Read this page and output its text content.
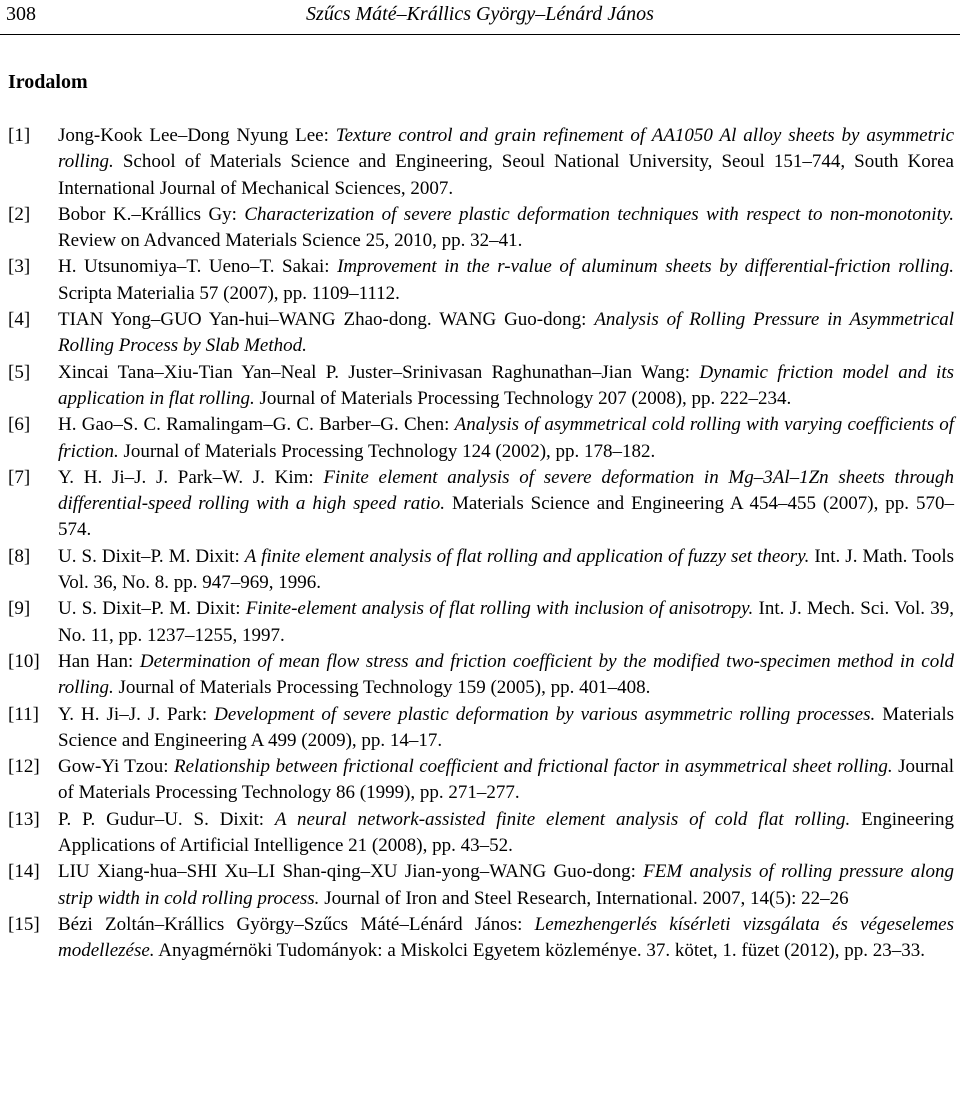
308	Szűcs Máté–Krállics György–Lénárd János
Irodalom
[1]	Jong-Kook Lee–Dong Nyung Lee: Texture control and grain refinement of AA1050 Al alloy sheets by asymmetric rolling. School of Materials Science and Engineering, Seoul National University, Seoul 151–744, South Korea International Journal of Mechanical Sciences, 2007.
[2]	Bobor K.–Krállics Gy: Characterization of severe plastic deformation techniques with respect to non-monotonity. Review on Advanced Materials Science 25, 2010, pp. 32–41.
[3]	H. Utsunomiya–T. Ueno–T. Sakai: Improvement in the r-value of aluminum sheets by differential-friction rolling. Scripta Materialia 57 (2007), pp. 1109–1112.
[4]	TIAN Yong–GUO Yan-hui–WANG Zhao-dong. WANG Guo-dong: Analysis of Rolling Pressure in Asymmetrical Rolling Process by Slab Method.
[5]	Xincai Tana–Xiu-Tian Yan–Neal P. Juster–Srinivasan Raghunathan–Jian Wang: Dynamic friction model and its application in flat rolling. Journal of Materials Processing Technology 207 (2008), pp. 222–234.
[6]	H. Gao–S. C. Ramalingam–G. C. Barber–G. Chen: Analysis of asymmetrical cold rolling with varying coefficients of friction. Journal of Materials Processing Technology 124 (2002), pp. 178–182.
[7]	Y. H. Ji–J. J. Park–W. J. Kim: Finite element analysis of severe deformation in Mg–3Al–1Zn sheets through differential-speed rolling with a high speed ratio. Materials Science and Engineering A 454–455 (2007), pp. 570–574.
[8]	U. S. Dixit–P. M. Dixit: A finite element analysis of flat rolling and application of fuzzy set theory. Int. J. Math. Tools Vol. 36, No. 8. pp. 947–969, 1996.
[9]	U. S. Dixit–P. M. Dixit: Finite-element analysis of flat rolling with inclusion of anisotropy. Int. J. Mech. Sci. Vol. 39, No. 11, pp. 1237–1255, 1997.
[10] Han Han: Determination of mean flow stress and friction coefficient by the modified two-specimen method in cold rolling. Journal of Materials Processing Technology 159 (2005), pp. 401–408.
[11]	Y. H. Ji–J. J. Park: Development of severe plastic deformation by various asymmetric rolling processes. Materials Science and Engineering A 499 (2009), pp. 14–17.
[12] Gow-Yi Tzou: Relationship between frictional coefficient and frictional factor in asymmetrical sheet rolling. Journal of Materials Processing Technology 86 (1999), pp. 271–277.
[13] P. P. Gudur–U. S. Dixit: A neural network-assisted finite element analysis of cold flat rolling. Engineering Applications of Artificial Intelligence 21 (2008), pp. 43–52.
[14] LIU Xiang-hua–SHI Xu–LI Shan-qing–XU Jian-yong–WANG Guo-dong: FEM analysis of rolling pressure along strip width in cold rolling process. Journal of Iron and Steel Research, International. 2007, 14(5): 22–26
[15] Bézi Zoltán–Krállics György–Szűcs Máté–Lénárd János: Lemezhengerlés kísérleti vizsgálata és végeselemes modellezése. Anyagmérnöki Tudományok: a Miskolci Egyetem közleménye. 37. kötet, 1. füzet (2012), pp. 23–33.
